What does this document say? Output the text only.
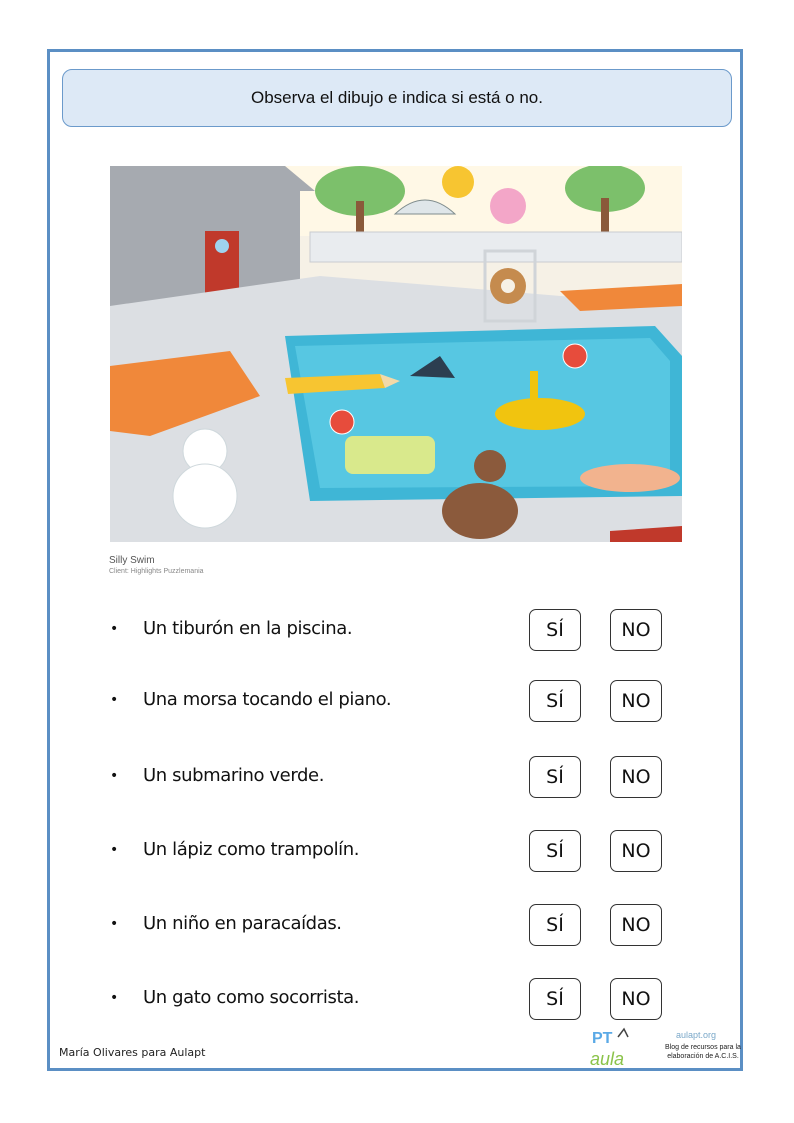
Observa el dibujo e indica si está o no.
Silly Swim
Client: Highlights Puzzlemania
• Un tiburón en la piscina.	SÍ	NO
• Una morsa tocando el piano.	SÍ	NO
• Un submarino verde.	SÍ	NO
• Un lápiz como trampolín.	SÍ	NO
• Un niño en paracaídas.	SÍ	NO
• Un gato como socorrista.	SÍ	NO
María Olivares para Aulapt
PT
aula
aulapt.org
Blog de recursos para la
elaboración de A.C.I.S.
